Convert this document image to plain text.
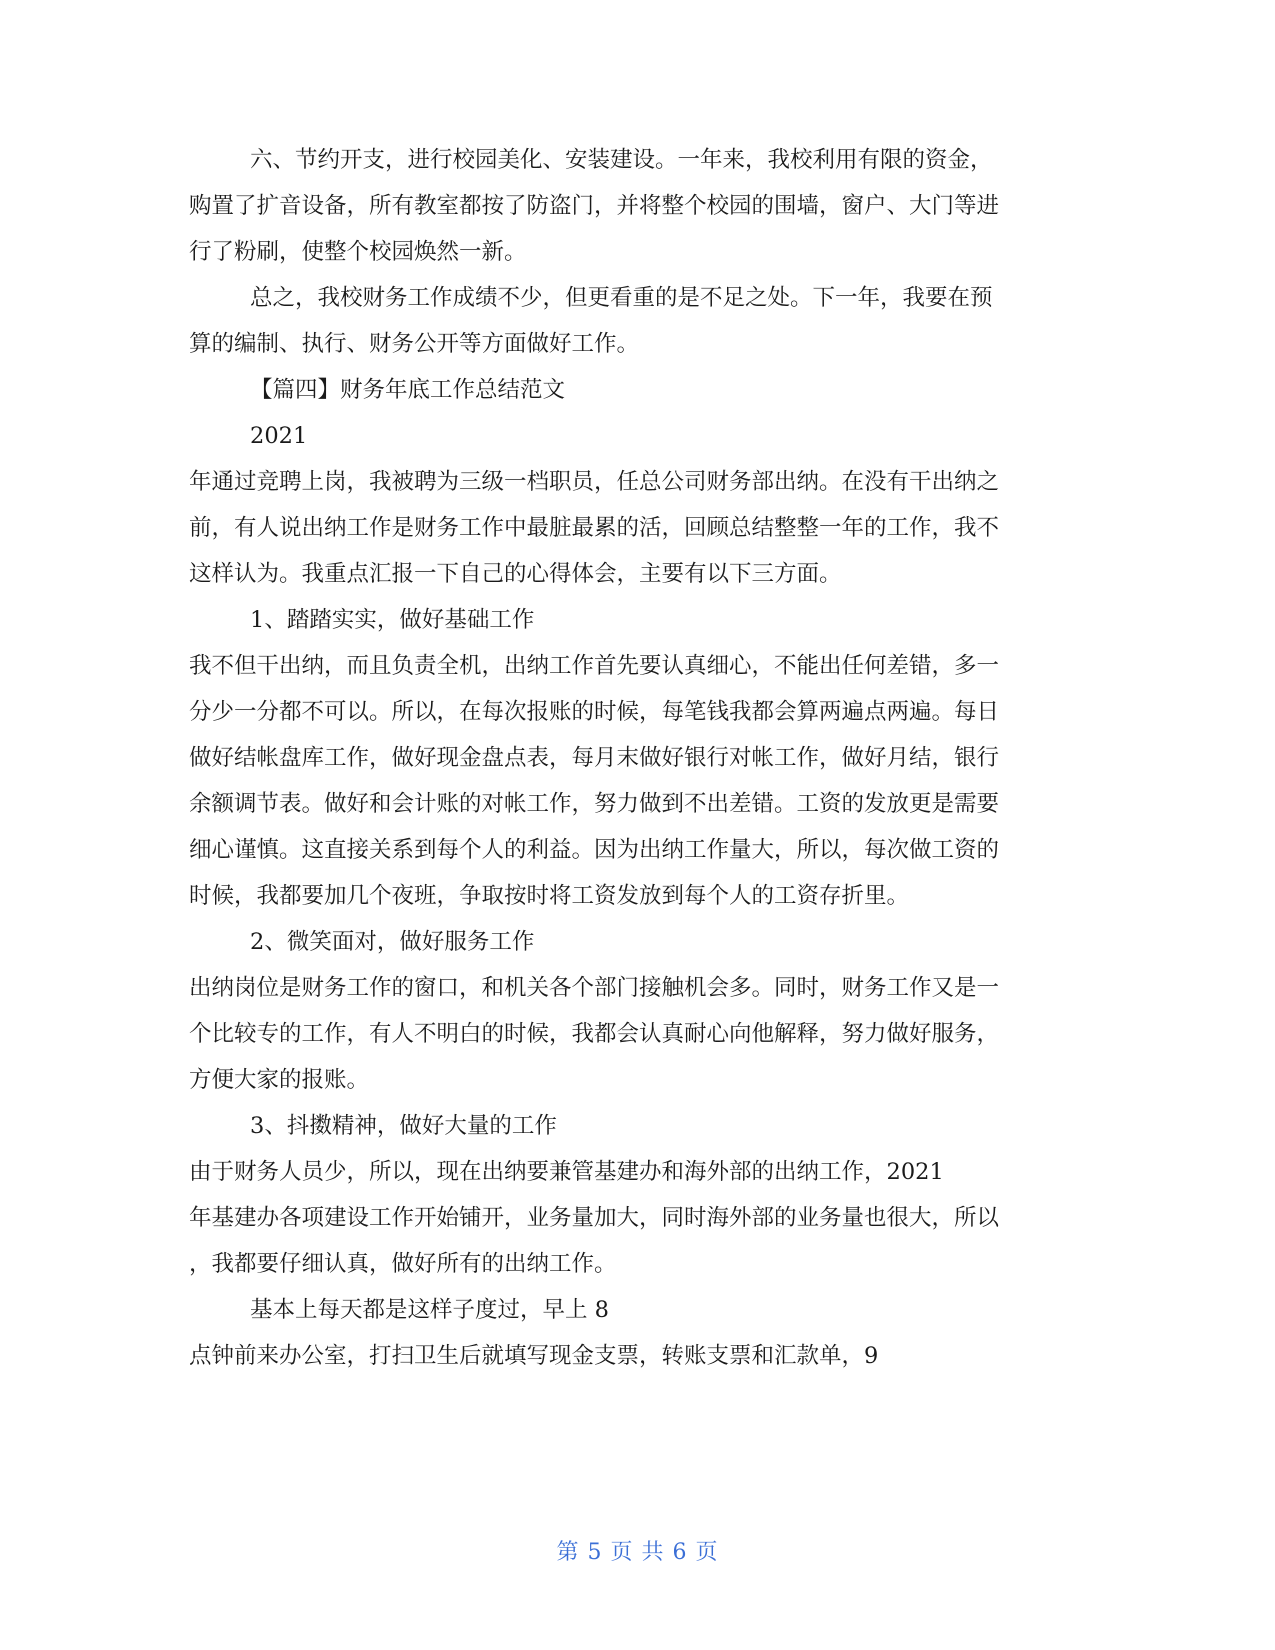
六、节约开支，进行校园美化、安装建设。一年来，我校利用有限的资金，
购置了扩音设备，所有教室都按了防盗门，并将整个校园的围墙，窗户、大门等进
行了粉刷，使整个校园焕然一新。
总之，我校财务工作成绩不少，但更看重的是不足之处。下一年，我要在预
算的编制、执行、财务公开等方面做好工作。
【篇四】财务年底工作总结范文
2021
年通过竞聘上岗，我被聘为三级一档职员，任总公司财务部出纳。在没有干出纳之
前，有人说出纳工作是财务工作中最脏最累的活，回顾总结整整一年的工作，我不
这样认为。我重点汇报一下自己的心得体会，主要有以下三方面。
1、踏踏实实，做好基础工作
我不但干出纳，而且负责全机，出纳工作首先要认真细心，不能出任何差错，多一
分少一分都不可以。所以，在每次报账的时候，每笔钱我都会算两遍点两遍。每日
做好结帐盘库工作，做好现金盘点表，每月末做好银行对帐工作，做好月结，银行
余额调节表。做好和会计账的对帐工作，努力做到不出差错。工资的发放更是需要
细心谨慎。这直接关系到每个人的利益。因为出纳工作量大，所以，每次做工资的
时候，我都要加几个夜班，争取按时将工资发放到每个人的工资存折里。
2、微笑面对，做好服务工作
出纳岗位是财务工作的窗口，和机关各个部门接触机会多。同时，财务工作又是一
个比较专的工作，有人不明白的时候，我都会认真耐心向他解释，努力做好服务，
方便大家的报账。
3、抖擞精神，做好大量的工作
由于财务人员少，所以，现在出纳要兼管基建办和海外部的出纳工作，2021
年基建办各项建设工作开始铺开，业务量加大，同时海外部的业务量也很大，所以
，我都要仔细认真，做好所有的出纳工作。
基本上每天都是这样子度过，早上 8
点钟前来办公室，打扫卫生后就填写现金支票，转账支票和汇款单，9
第 5 页 共 6 页
